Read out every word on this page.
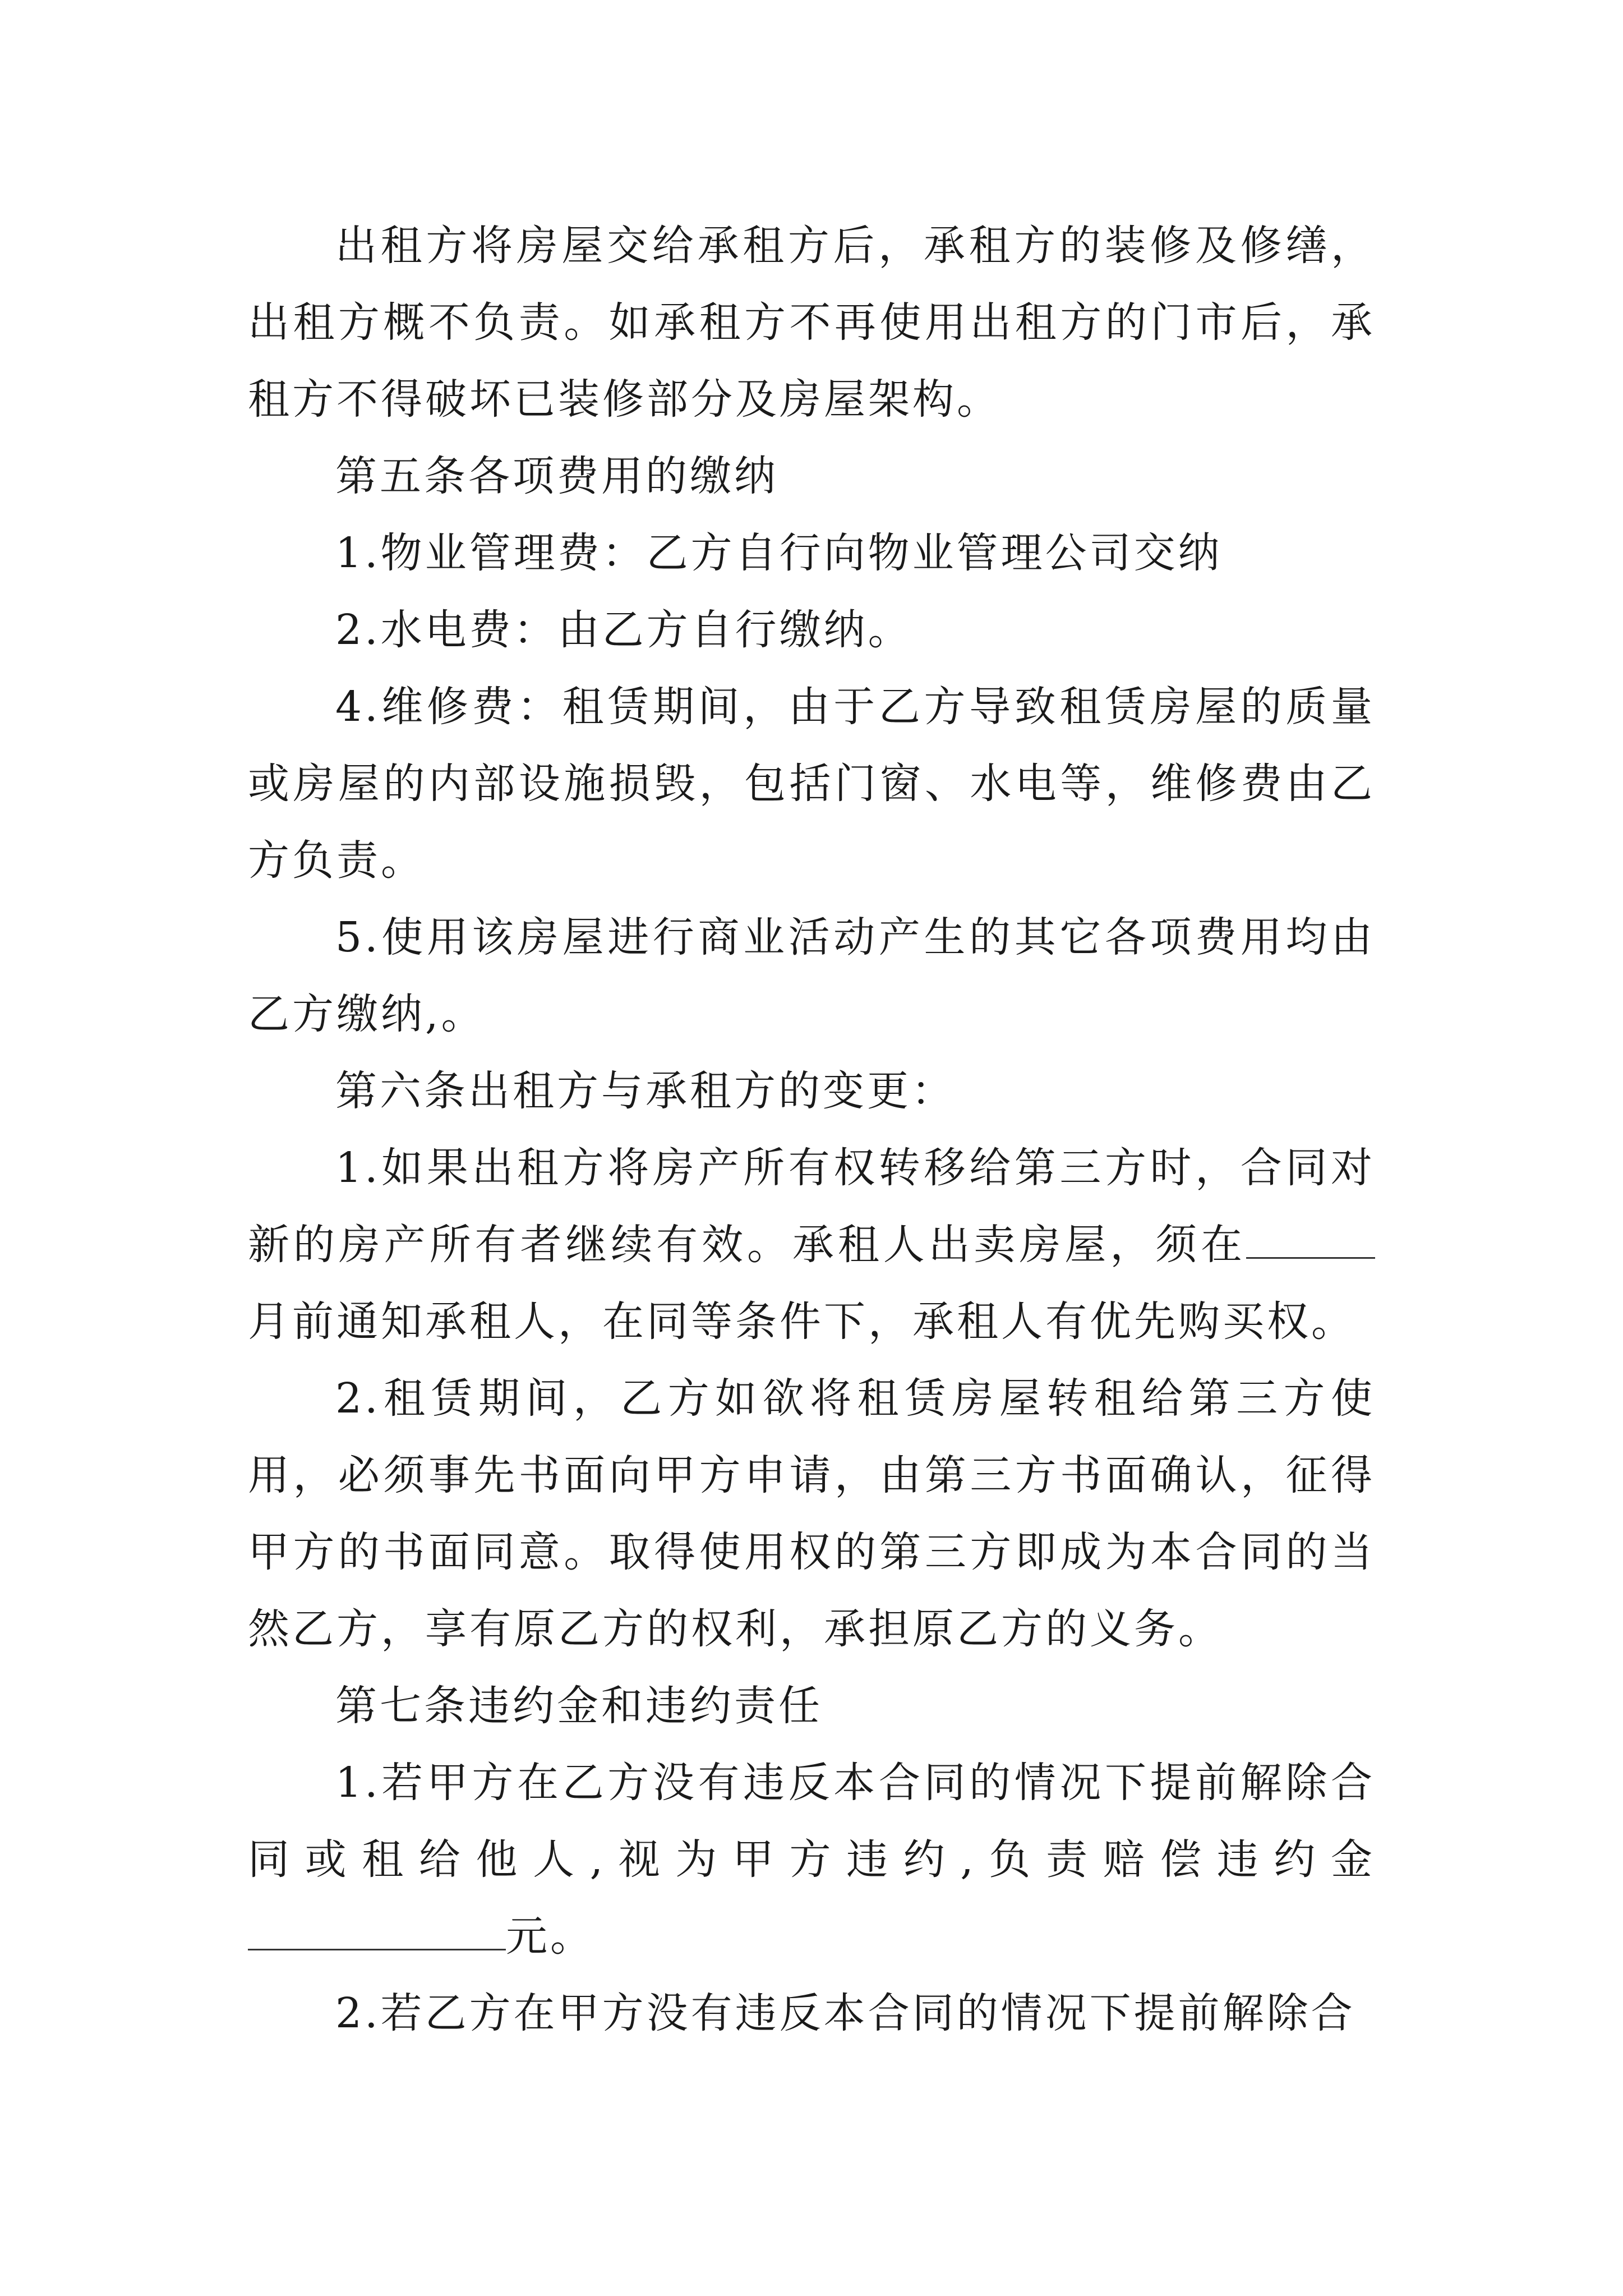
出租方将房屋交给承租方后，承租方的装修及修缮，出租方概不负责。如承租方不再使用出租方的门市后，承租方不得破坏已装修部分及房屋架构。

第五条各项费用的缴纳

1.物业管理费：乙方自行向物业管理公司交纳

2.水电费：由乙方自行缴纳。

4.维修费：租赁期间，由于乙方导致租赁房屋的质量或房屋的内部设施损毁，包括门窗、水电等，维修费由乙方负责。

5.使用该房屋进行商业活动产生的其它各项费用均由乙方缴纳,。

第六条出租方与承租方的变更：

1.如果出租方将房产所有权转移给第三方时，合同对新的房产所有者继续有效。承租人出卖房屋，须在月前通知承租人，在同等条件下，承租人有优先购买权。

2.租赁期间，乙方如欲将租赁房屋转租给第三方使用，必须事先书面向甲方申请，由第三方书面确认，征得甲方的书面同意。取得使用权的第三方即成为本合同的当然乙方，享有原乙方的权利，承担原乙方的义务。

第七条违约金和违约责任

1.若甲方在乙方没有违反本合同的情况下提前解除合同或租给他人,视为甲方违约,负责赔偿违约金元。

2.若乙方在甲方没有违反本合同的情况下提前解除合
